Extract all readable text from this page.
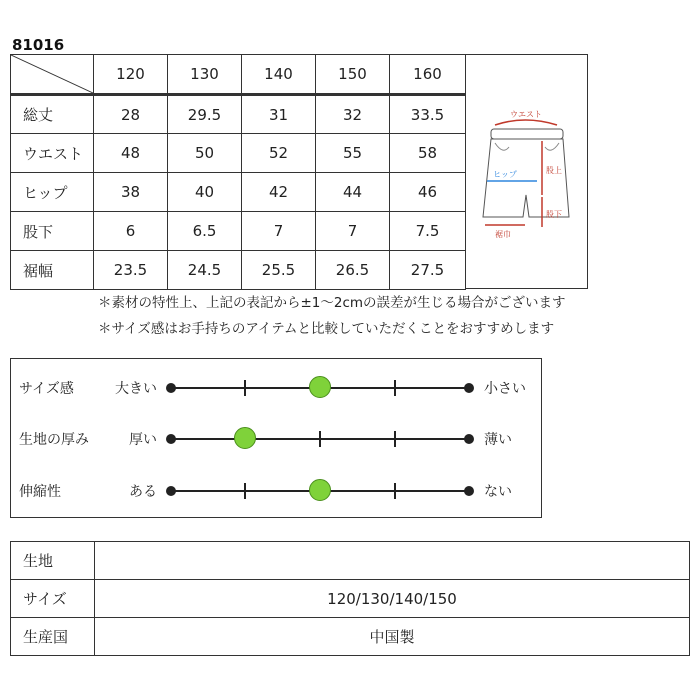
81016
	120	130	140	150	160
総丈	28	29.5	31	32	33.5
ウエスト	48	50	52	55	58
ヒップ	38	40	42	44	46
股下	6	6.5	7	7	7.5
裾幅	23.5	24.5	25.5	26.5	27.5
ウエスト
ヒップ	股上
股下
裾巾
＊素材の特性上、上記の表記から±1〜2cmの誤差が生じる場合がございます
＊サイズ感はお手持ちのアイテムと比較していただくことをおすすめします
サイズ感	大きい	小さい
生地の厚み	厚い	薄い
伸縮性	ある	ない
生地	
サイズ	120/130/140/150
生産国	中国製
